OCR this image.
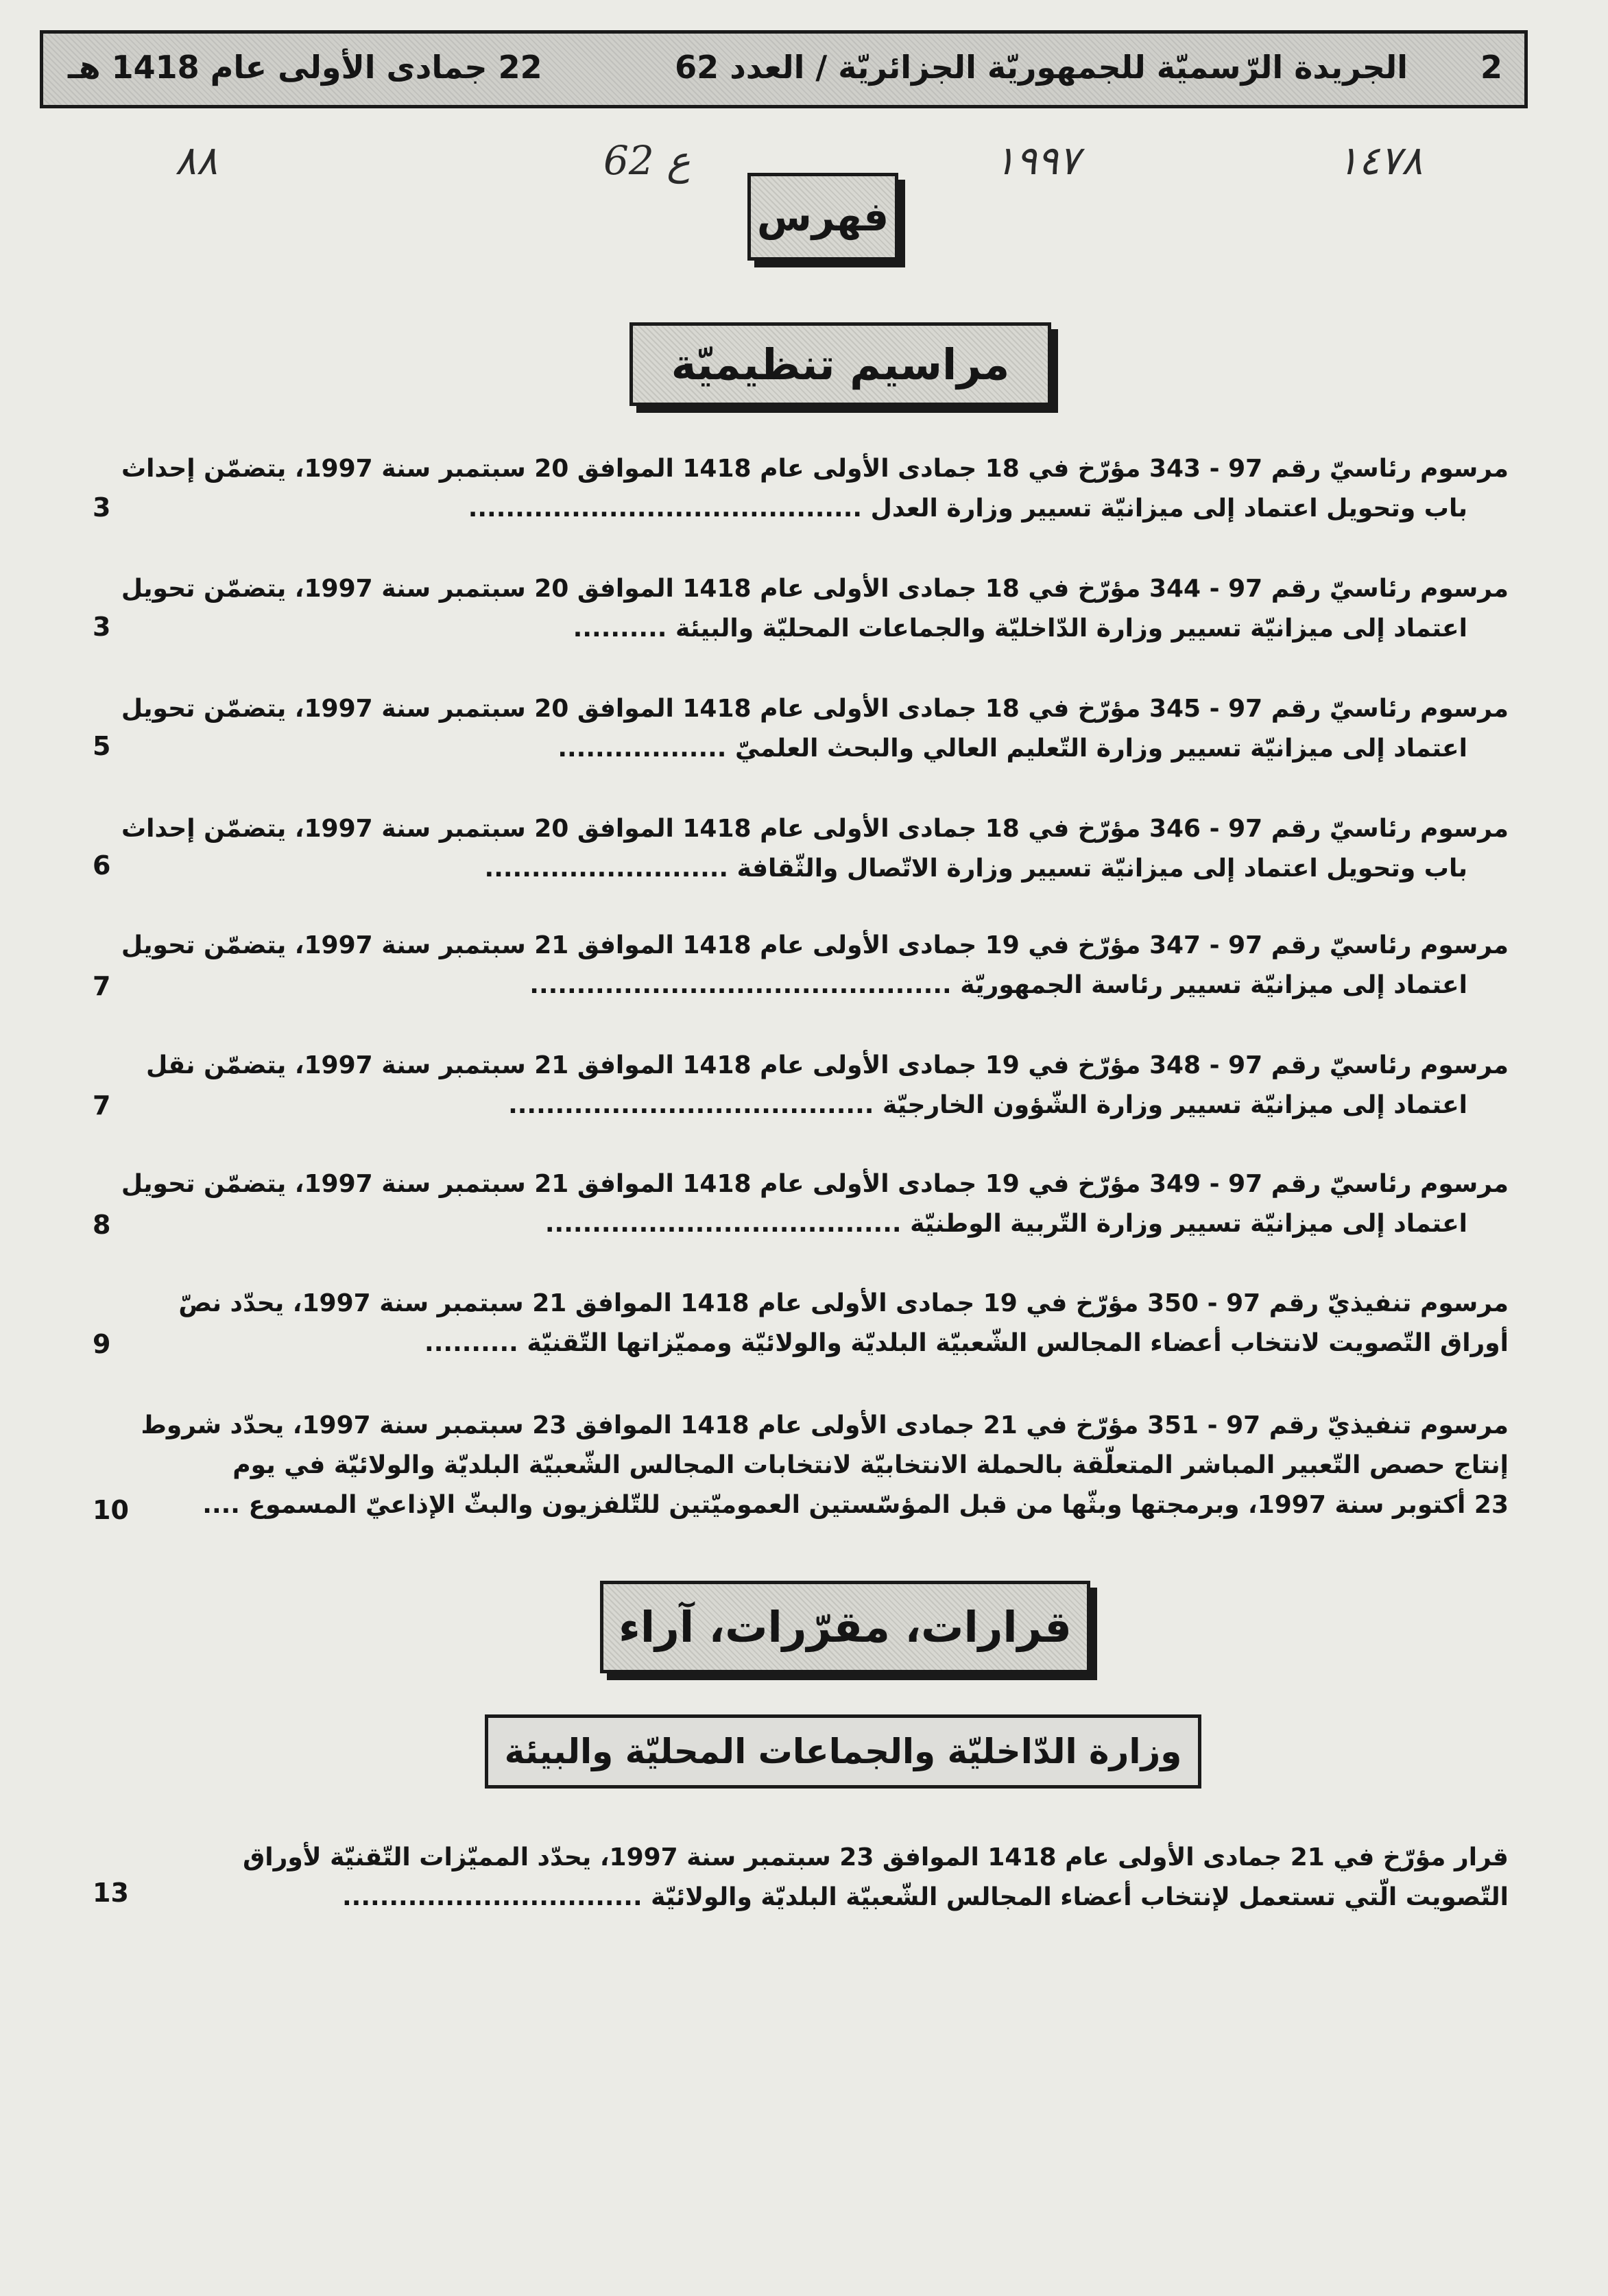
2
الجريدة الرّسميّة للجمهوريّة الجزائريّة / العدد 62
22 جمادى الأولى عام 1418 هـ
١٤٧٨
١٩٩٧
ع 62
٨٨
فهرس
مراسيم تنظيميّة
مرسوم رئاسيّ رقم 97 - 343 مؤرّخ في 18 جمادى الأولى عام 1418 الموافق 20 سبتمبر سنة 1997، يتضمّن إحداث
باب وتحويل اعتماد إلى ميزانيّة تسيير وزارة العدل ..........................................
3
مرسوم رئاسيّ رقم 97 - 344 مؤرّخ في 18 جمادى الأولى عام 1418 الموافق 20 سبتمبر سنة 1997، يتضمّن تحويل
اعتماد إلى ميزانيّة تسيير وزارة الدّاخليّة والجماعات المحليّة والبيئة ..........
3
مرسوم رئاسيّ رقم 97 - 345 مؤرّخ في 18 جمادى الأولى عام 1418 الموافق 20 سبتمبر سنة 1997، يتضمّن تحويل
اعتماد إلى ميزانيّة تسيير وزارة التّعليم العالي والبحث العلميّ ..................
5
مرسوم رئاسيّ رقم 97 - 346 مؤرّخ في 18 جمادى الأولى عام 1418 الموافق 20 سبتمبر سنة 1997، يتضمّن إحداث
باب وتحويل اعتماد إلى ميزانيّة تسيير وزارة الاتّصال والثّقافة ..........................
6
مرسوم رئاسيّ رقم 97 - 347 مؤرّخ في 19 جمادى الأولى عام 1418 الموافق 21 سبتمبر سنة 1997، يتضمّن تحويل
اعتماد إلى ميزانيّة تسيير رئاسة الجمهوريّة .............................................
7
مرسوم رئاسيّ رقم 97 - 348 مؤرّخ في 19 جمادى الأولى عام 1418 الموافق 21 سبتمبر سنة 1997، يتضمّن نقل
اعتماد إلى ميزانيّة تسيير وزارة الشّؤون الخارجيّة .......................................
7
مرسوم رئاسيّ رقم 97 - 349 مؤرّخ في 19 جمادى الأولى عام 1418 الموافق 21 سبتمبر سنة 1997، يتضمّن تحويل
اعتماد إلى ميزانيّة تسيير وزارة التّربية الوطنيّة ......................................
8
مرسوم تنفيذيّ رقم 97 - 350 مؤرّخ في 19 جمادى الأولى عام 1418 الموافق 21 سبتمبر سنة 1997، يحدّد نصّ
أوراق التّصويت لانتخاب أعضاء المجالس الشّعبيّة البلديّة والولائيّة ومميّزاتها التّقنيّة ..........
9
مرسوم تنفيذيّ رقم 97 - 351 مؤرّخ في 21 جمادى الأولى عام 1418 الموافق 23 سبتمبر سنة 1997، يحدّد شروط
إنتاج حصص التّعبير المباشر المتعلّقة بالحملة الانتخابيّة لانتخابات المجالس الشّعبيّة البلديّة والولائيّة في يوم
23 أكتوبر سنة 1997، وبرمجتها وبثّها من قبل المؤسّستين العموميّتين للتّلفزيون والبثّ الإذاعيّ المسموع ....
10
قرارات، مقرّرات، آراء
وزارة الدّاخليّة والجماعات المحليّة والبيئة
قرار مؤرّخ في 21 جمادى الأولى عام 1418 الموافق 23 سبتمبر سنة 1997، يحدّد المميّزات التّقنيّة لأوراق
التّصويت الّتي تستعمل لإنتخاب أعضاء المجالس الشّعبيّة البلديّة والولائيّة ................................
13
